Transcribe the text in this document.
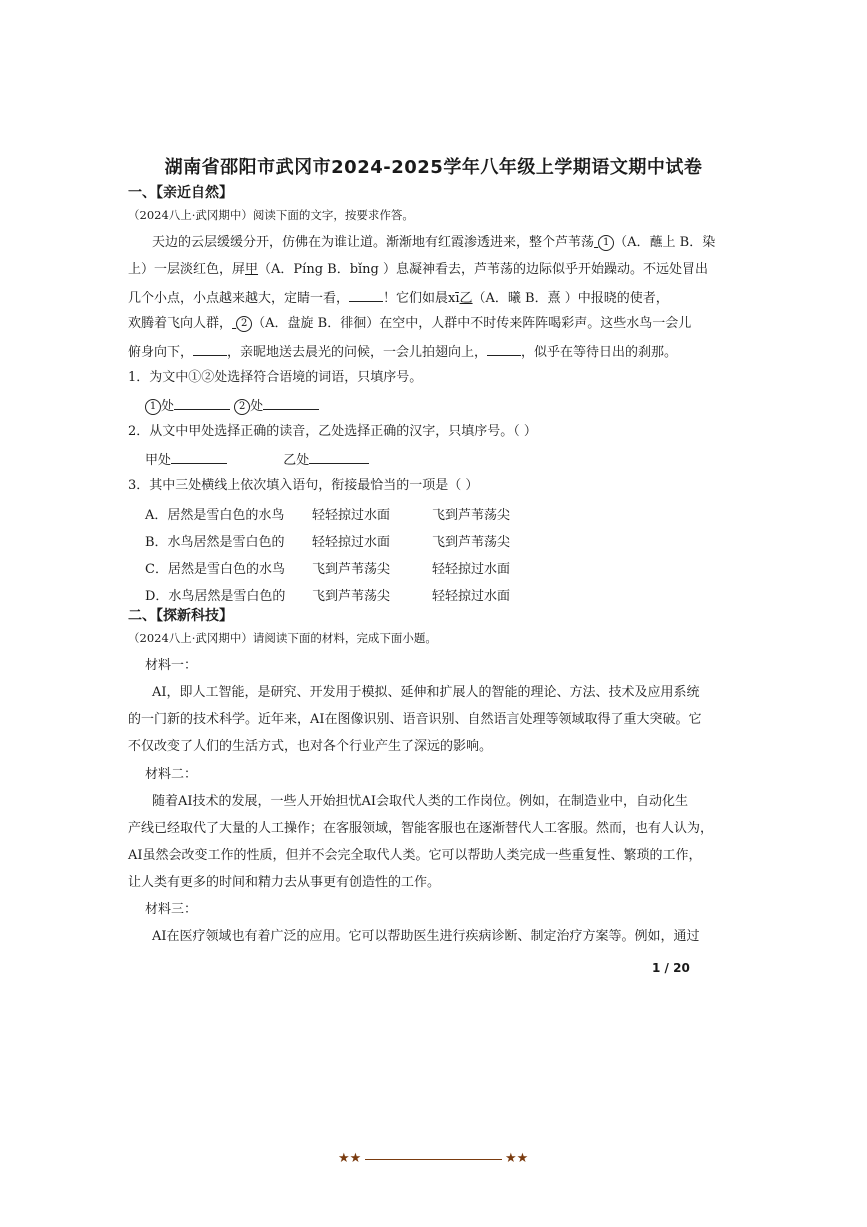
湖南省邵阳市武冈市2024-2025学年八年级上学期语文期中试卷
一、【亲近自然】
（2024八上·武冈期中）阅读下面的文字，按要求作答。
天边的云层缓缓分开，仿佛在为谁让道。渐渐地有红霞渗透进来，整个芦苇荡 1 （A．蘸上 B．染
上）一层淡红色，屏甲（A．Píng B．bǐng ）息凝神看去，芦苇荡的边际似乎开始躁动。不远处冒出
几个小点，小点越来越大，定睛一看，	！它们如晨xī乙（A．曦 B．熹 ）中报晓的使者，
欢腾着飞向人群， 2 （A．盘旋 B．徘徊）在空中，人群中不时传来阵阵喝彩声。这些水鸟一会儿
俯身向下，	，亲昵地送去晨光的问候，一会儿拍翅向上，	，似乎在等待日出的刹那。
1．为文中①②处选择符合语境的词语，只填序号。
1 处	2 处
2．从文中甲处选择正确的读音，乙处选择正确的汉字，只填序号。（ ）
甲处	乙处
3．其中三处横线上依次填入语句，衔接最恰当的一项是（ ）
A．居然是雪白色的水鸟 轻轻掠过水面	飞到芦苇荡尖
B．水鸟居然是雪白色的 轻轻掠过水面	飞到芦苇荡尖
C．居然是雪白色的水鸟 飞到芦苇荡尖	轻轻掠过水面
D．水鸟居然是雪白色的 飞到芦苇荡尖	轻轻掠过水面
二、【探新科技】
（2024八上·武冈期中）请阅读下面的材料，完成下面小题。
材料一：
AI，即人工智能，是研究、开发用于模拟、延伸和扩展人的智能的理论、方法、技术及应用系统
的一门新的技术科学。近年来，AI在图像识别、语音识别、自然语言处理等领域取得了重大突破。它
不仅改变了人们的生活方式，也对各个行业产生了深远的影响。
材料二：
随着AI技术的发展，一些人开始担忧AI会取代人类的工作岗位。例如，在制造业中，自动化生
产线已经取代了大量的人工操作；在客服领域，智能客服也在逐渐替代人工客服。然而，也有人认为，
AI虽然会改变工作的性质，但并不会完全取代人类。它可以帮助人类完成一些重复性、繁琐的工作，
让人类有更多的时间和精力去从事更有创造性的工作。
材料三：
AI在医疗领域也有着广泛的应用。它可以帮助医生进行疾病诊断、制定治疗方案等。例如，通过
1 / 20
★★	★★
